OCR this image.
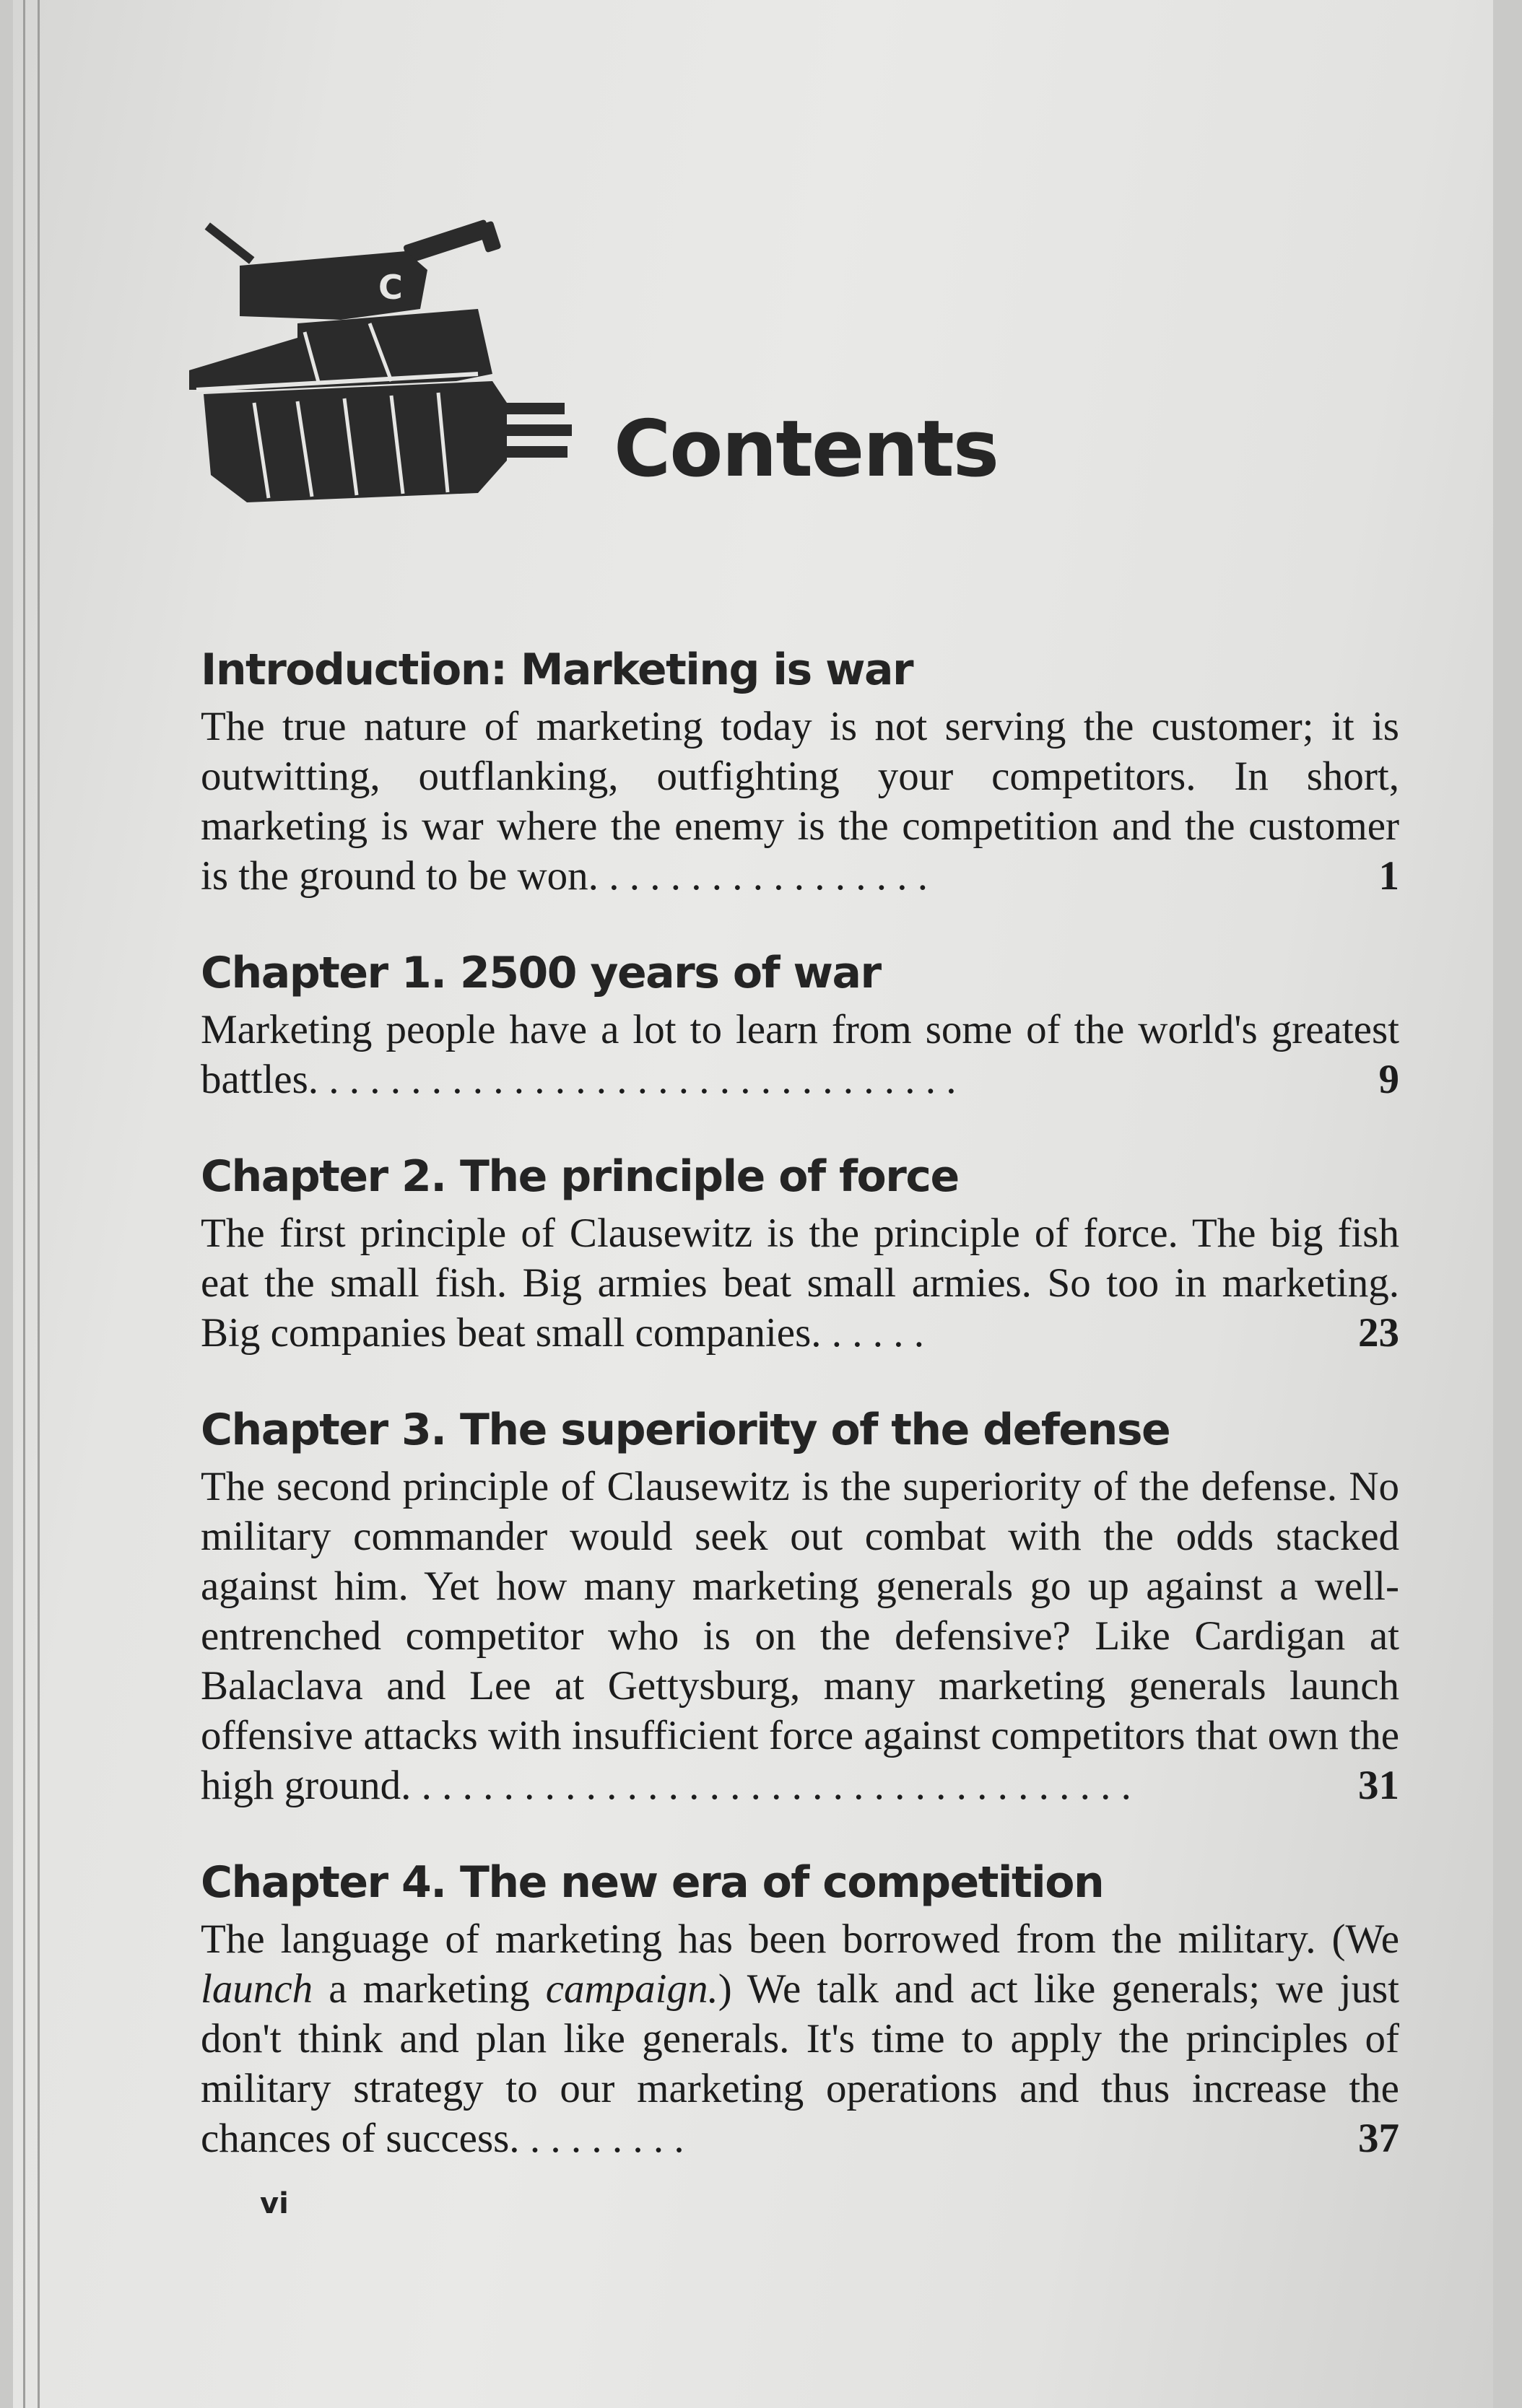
C
Contents
Introduction: Marketing is war

The true nature of marketing today is not serving the customer; it is outwitting, outflanking, outfighting your competitors. In short, marketing is war where the enemy is the competition and the customer is the ground to be won.	1
. . . . . . . . . . . . . . . .

Chapter 1. 2500 years of war

Marketing people have a lot to learn from some of the world's greatest battles.	9
. . . . . . . . . . . . . . . . . . . . . . . . . . . . . . .

Chapter 2. The principle of force

The first principle of Clausewitz is the principle of force. The big fish eat the small fish. Big armies beat small armies. So too in marketing. Big companies beat small companies.	23
. . . . .

Chapter 3. The superiority of the defense

The second principle of Clausewitz is the superiority of the defense. No military commander would seek out combat with the odds stacked against him. Yet how many marketing generals go up against a well-entrenched competitor who is on the defensive? Like Cardigan at Balaclava and Lee at Gettysburg, many marketing generals launch offensive attacks with insufficient force against competitors that own the high ground.	31
. . . . . . . . . . . . . . . . . . . . . . . . . . . . . . . . . . .

Chapter 4. The new era of competition

The language of marketing has been borrowed from the military. (We launch a marketing campaign.) We talk and act like generals; we just don't think and plan like generals. It's time to apply the principles of military strategy to our marketing operations and thus increase the chances of success.	37
. . . . . . . .

vi
